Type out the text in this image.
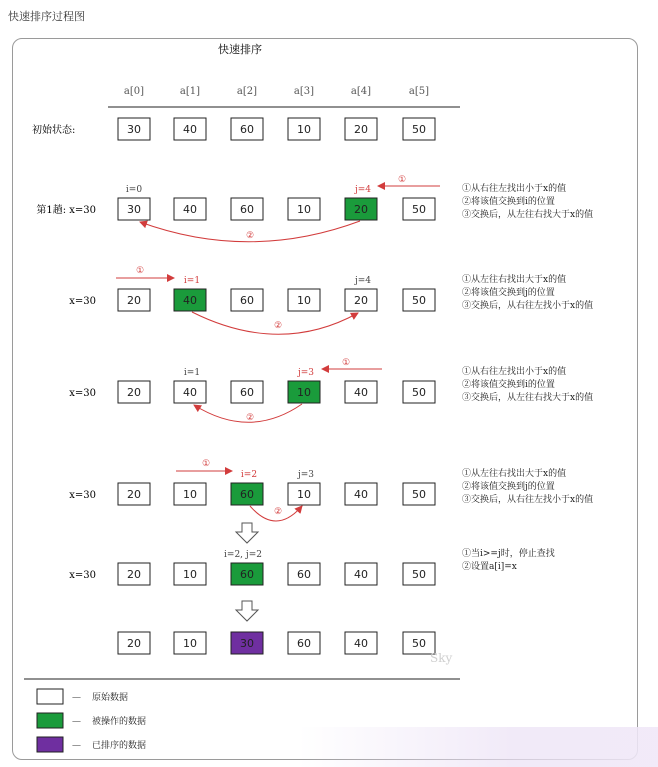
快速排序过程图
快速排序
a[0]	a[1]	a[2]	a[3]	a[4]	a[5]
初始状态:	30	40	60	10	20	50
第1趟: x=30	30	40	60	10	20	50
①从右往左找出小于x的值
②将该值交换到i的位置
③交换后，从左往右找大于x的值
x=30	20	40	60	10	20	50
①从左往右找出大于x的值
②将该值交换到j的位置
③交换后，从右往左找小于x的值
x=30	20	40	60	10	40	50
①从右往左找出小于x的值
②将该值交换到i的位置
③交换后，从左往右找大于x的值
x=30	20	10	60	10	40	50
①从左往右找出大于x的值
②将该值交换到j的位置
③交换后，从右往左找小于x的值
x=30	20	10	60	60	40	50
①当i>=j时，停止查找
②设置a[i]=x
20	10	30	60	40	50
i=0	j=4
①
②
i=1	j=4
①
②
i=1	j=3
①
②
i=2	j=3
①
②
i=2, j=2
Sky
— 原始数据
— 被操作的数据
— 已排序的数据
